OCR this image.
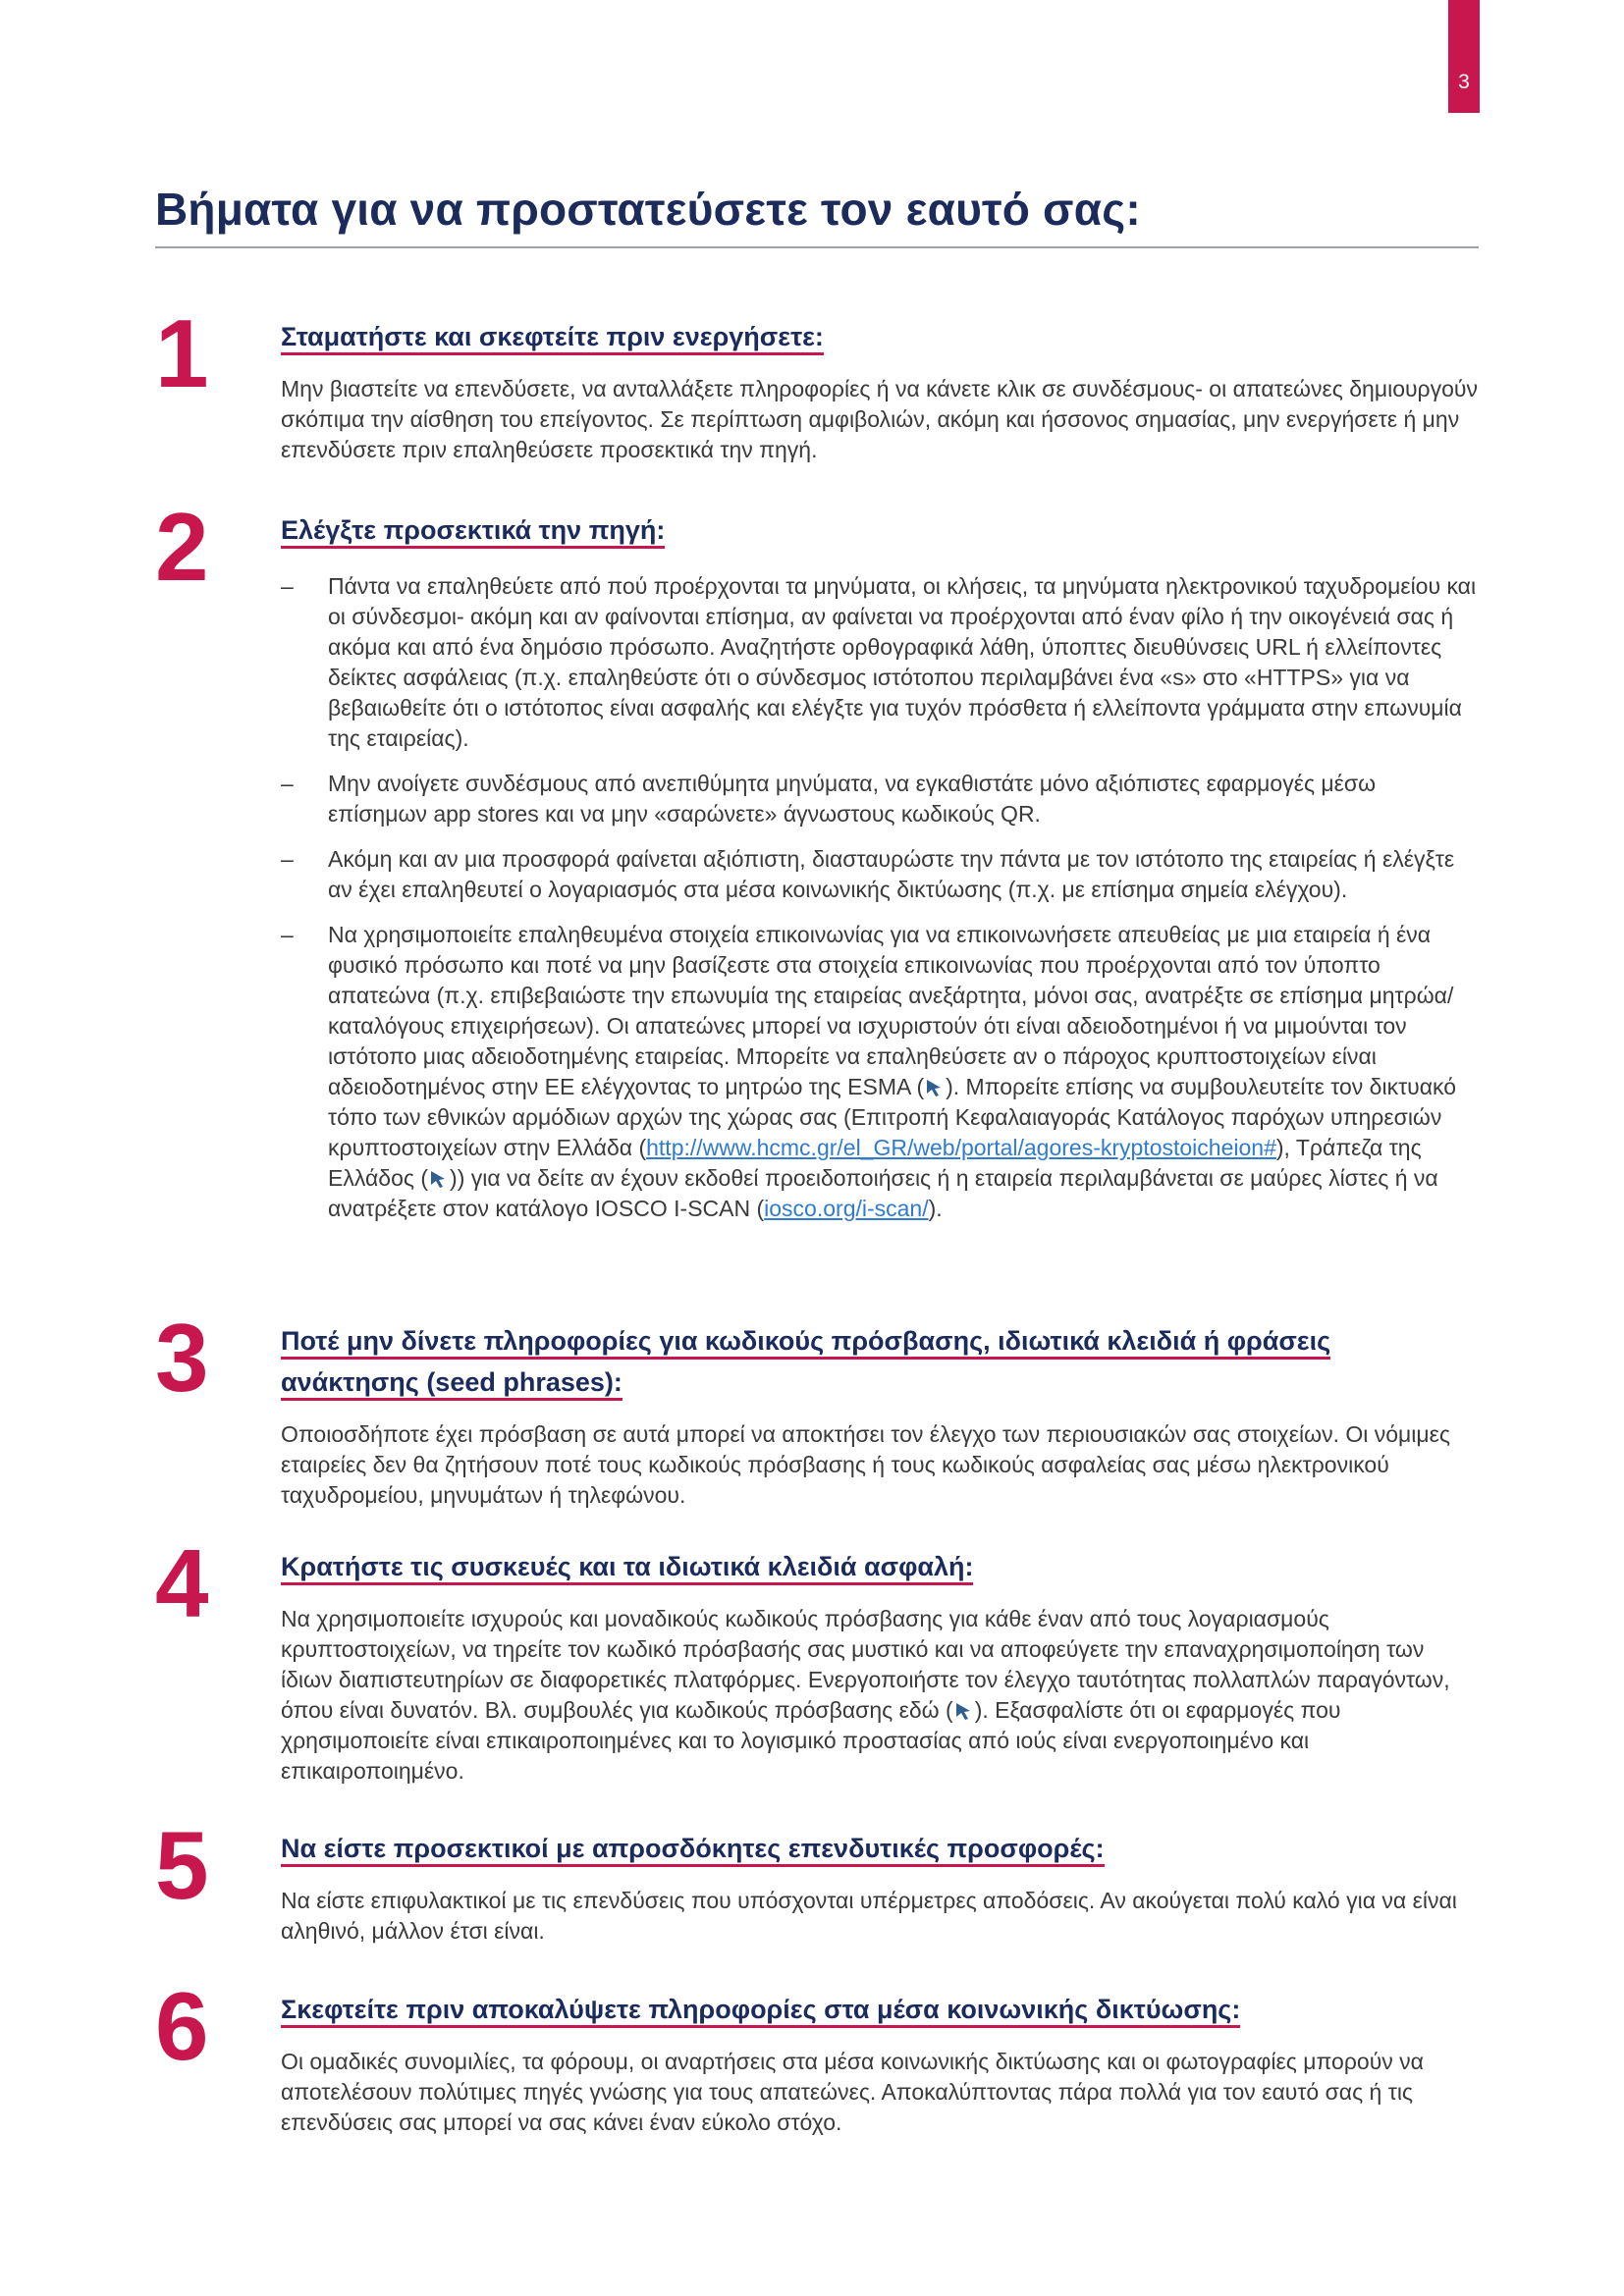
3
Βήματα για να προστατεύσετε τον εαυτό σας:
1	Σταματήστε και σκεφτείτε πριν ενεργήσετε:

Μην βιαστείτε να επενδύσετε, να ανταλλάξετε πληροφορίες ή να κάνετε κλικ σε συνδέσμους- οι απατεώνες δημιουργούν σκόπιμα την αίσθηση του επείγοντος. Σε περίπτωση αμφιβολιών, ακόμη και ήσσονος σημασίας, μην ενεργήσετε ή μην επενδύσετε πριν επαληθεύσετε προσεκτικά την πηγή.

2	Ελέγξτε προσεκτικά την πηγή:
– Πάντα να επαληθεύετε από πού προέρχονται τα μηνύματα, οι κλήσεις, τα μηνύματα ηλεκτρονικού ταχυδρομείου και οι σύνδεσμοι- ακόμη και αν φαίνονται επίσημα, αν φαίνεται να προέρχονται από έναν φίλο ή την οικογένειά σας ή ακόμα και από ένα δημόσιο πρόσωπο. Αναζητήστε ορθογραφικά λάθη, ύποπτες διευθύνσεις URL ή ελλείποντες δείκτες ασφάλειας (π.χ. επαληθεύστε ότι ο σύνδεσμος ιστότοπου περιλαμβάνει ένα «s» στο «HTTPS» για να βεβαιωθείτε ότι ο ιστότοπος είναι ασφαλής και ελέγξτε για τυχόν πρόσθετα ή ελλείποντα γράμματα στην επωνυμία της εταιρείας).
– Μην ανοίγετε συνδέσμους από ανεπιθύμητα μηνύματα, να εγκαθιστάτε μόνο αξιόπιστες εφαρμογές μέσω επίσημων app stores και να μην «σαρώνετε» άγνωστους κωδικούς QR.
– Ακόμη και αν μια προσφορά φαίνεται αξιόπιστη, διασταυρώστε την πάντα με τον ιστότοπο της εταιρείας ή ελέγξτε αν έχει επαληθευτεί ο λογαριασμός στα μέσα κοινωνικής δικτύωσης (π.χ. με επίσημα σημεία ελέγχου).
– Να χρησιμοποιείτε επαληθευμένα στοιχεία επικοινωνίας για να επικοινωνήσετε απευθείας με μια εταιρεία ή ένα φυσικό πρόσωπο και ποτέ να μην βασίζεστε στα στοιχεία επικοινωνίας που προέρχονται από τον ύποπτο απατεώνα (π.χ. επιβεβαιώστε την επωνυμία της εταιρείας ανεξάρτητα, μόνοι σας, ανατρέξτε σε επίσημα μητρώα/καταλόγους επιχειρήσεων). Οι απατεώνες μπορεί να ισχυριστούν ότι είναι αδειοδοτημένοι ή να μιμούνται τον ιστότοπο μιας αδειοδοτημένης εταιρείας. Μπορείτε να επαληθεύσετε αν ο πάροχος κρυπτοστοιχείων είναι αδειοδοτημένος στην ΕΕ ελέγχοντας το μητρώο της ESMA ( ). Μπορείτε επίσης να συμβουλευτείτε τον δικτυακό τόπο των εθνικών αρμόδιων αρχών της χώρας σας (Επιτροπή Κεφαλαιαγοράς Κατάλογος παρόχων υπηρεσιών κρυπτοστοιχείων στην Ελλάδα (http://www.hcmc.gr/el_GR/web/portal/agores-kryptostoicheion#), Τράπεζα της Ελλάδος ( )) για να δείτε αν έχουν εκδοθεί προειδοποιήσεις ή η εταιρεία περιλαμβάνεται σε μαύρες λίστες ή να ανατρέξετε στον κατάλογο IOSCO I-SCAN (iosco.org/i-scan/).
3	Ποτέ μην δίνετε πληροφορίες για κωδικούς πρόσβασης, ιδιωτικά κλειδιά ή φράσεις
ανάκτησης (seed phrases):

Οποιοσδήποτε έχει πρόσβαση σε αυτά μπορεί να αποκτήσει τον έλεγχο των περιουσιακών σας στοιχείων. Οι νόμιμες εταιρείες δεν θα ζητήσουν ποτέ τους κωδικούς πρόσβασης ή τους κωδικούς ασφαλείας σας μέσω ηλεκτρονικού ταχυδρομείου, μηνυμάτων ή τηλεφώνου.

4	Κρατήστε τις συσκευές και τα ιδιωτικά κλειδιά ασφαλή:

Να χρησιμοποιείτε ισχυρούς και μοναδικούς κωδικούς πρόσβασης για κάθε έναν από τους λογαριασμούς κρυπτοστοιχείων, να τηρείτε τον κωδικό πρόσβασής σας μυστικό και να αποφεύγετε την επαναχρησιμοποίηση των ίδιων διαπιστευτηρίων σε διαφορετικές πλατφόρμες. Ενεργοποιήστε τον έλεγχο ταυτότητας πολλαπλών παραγόντων, όπου είναι δυνατόν. Βλ. συμβουλές για κωδικούς πρόσβασης εδώ ( ). Εξασφαλίστε ότι οι εφαρμογές που χρησιμοποιείτε είναι επικαιροποιημένες και το λογισμικό προστασίας από ιούς είναι ενεργοποιημένο και επικαιροποιημένο.

5	Να είστε προσεκτικοί με απροσδόκητες επενδυτικές προσφορές:

Να είστε επιφυλακτικοί με τις επενδύσεις που υπόσχονται υπέρμετρες αποδόσεις. Αν ακούγεται πολύ καλό για να είναι αληθινό, μάλλον έτσι είναι.

6	Σκεφτείτε πριν αποκαλύψετε πληροφορίες στα μέσα κοινωνικής δικτύωσης:

Οι ομαδικές συνομιλίες, τα φόρουμ, οι αναρτήσεις στα μέσα κοινωνικής δικτύωσης και οι φωτογραφίες μπορούν να αποτελέσουν πολύτιμες πηγές γνώσης για τους απατεώνες. Αποκαλύπτοντας πάρα πολλά για τον εαυτό σας ή τις επενδύσεις σας μπορεί να σας κάνει έναν εύκολο στόχο.
